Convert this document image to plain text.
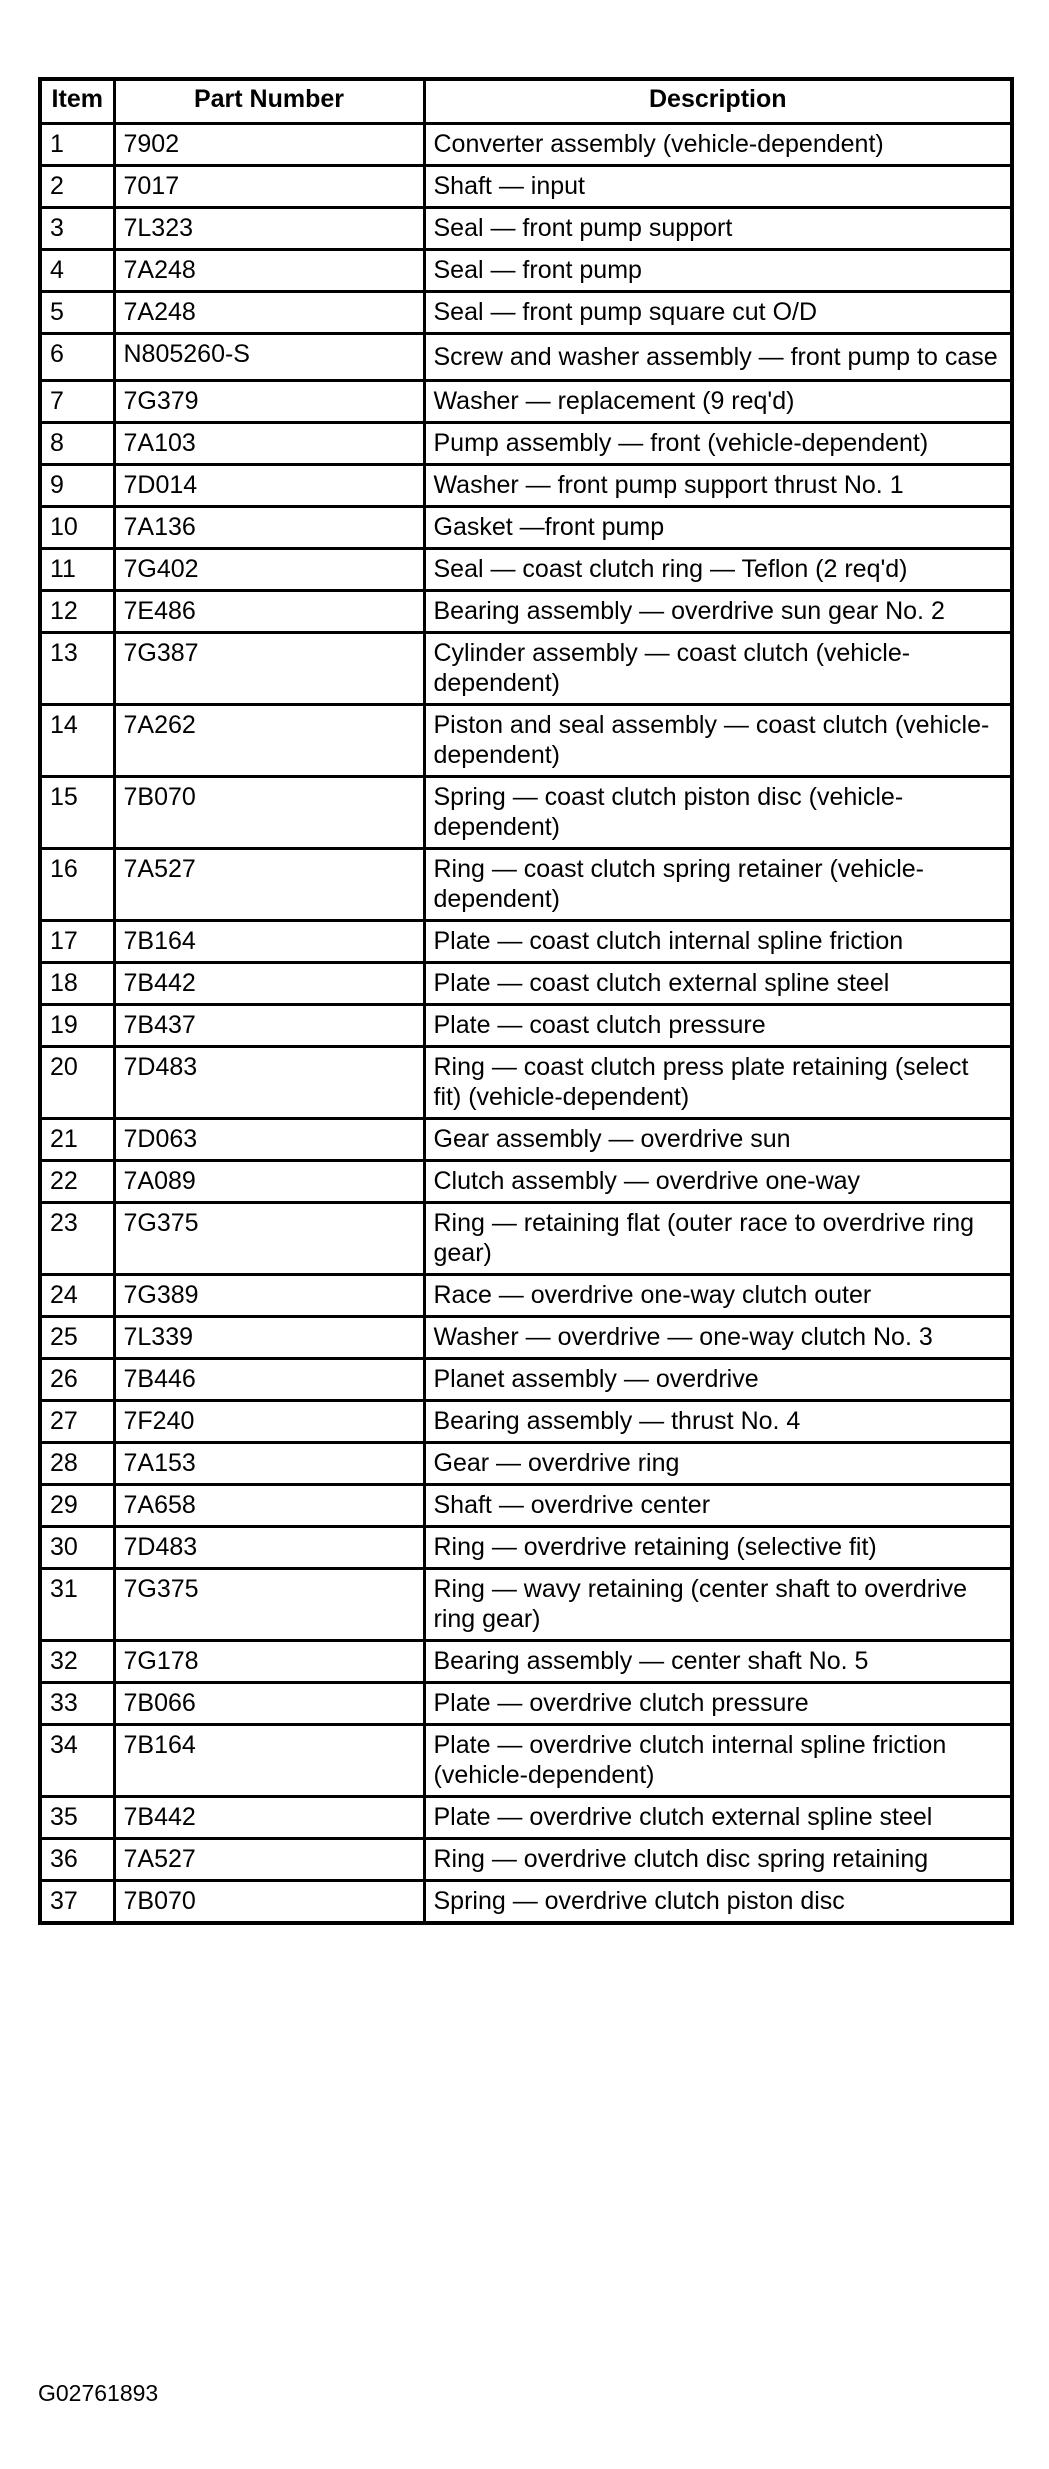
Item	Part Number	Description
1	7902	Converter assembly (vehicle-dependent)
2	7017	Shaft — input
3	7L323	Seal — front pump support
4	7A248	Seal — front pump
5	7A248	Seal — front pump square cut O/D
6	N805260-S	Screw and washer assembly — front pump to case
7	7G379	Washer — replacement (9 req'd)
8	7A103	Pump assembly — front (vehicle-dependent)
9	7D014	Washer — front pump support thrust No. 1
10	7A136	Gasket —front pump
11	7G402	Seal — coast clutch ring — Teflon (2 req'd)
12	7E486	Bearing assembly — overdrive sun gear No. 2
13	7G387	Cylinder assembly — coast clutch (vehicle-dependent)
14	7A262	Piston and seal assembly — coast clutch (vehicle-dependent)
15	7B070	Spring — coast clutch piston disc (vehicle-dependent)
16	7A527	Ring — coast clutch spring retainer (vehicle-dependent)
17	7B164	Plate — coast clutch internal spline friction
18	7B442	Plate — coast clutch external spline steel
19	7B437	Plate — coast clutch pressure
20	7D483	Ring — coast clutch press plate retaining (select fit) (vehicle-dependent)
21	7D063	Gear assembly — overdrive sun
22	7A089	Clutch assembly — overdrive one-way
23	7G375	Ring — retaining flat (outer race to overdrive ring gear)
24	7G389	Race — overdrive one-way clutch outer
25	7L339	Washer — overdrive — one-way clutch No. 3
26	7B446	Planet assembly — overdrive
27	7F240	Bearing assembly — thrust No. 4
28	7A153	Gear — overdrive ring
29	7A658	Shaft — overdrive center
30	7D483	Ring — overdrive retaining (selective fit)
31	7G375	Ring — wavy retaining (center shaft to overdrive ring gear)
32	7G178	Bearing assembly — center shaft No. 5
33	7B066	Plate — overdrive clutch pressure
34	7B164	Plate — overdrive clutch internal spline friction (vehicle-dependent)
35	7B442	Plate — overdrive clutch external spline steel
36	7A527	Ring — overdrive clutch disc spring retaining
37	7B070	Spring — overdrive clutch piston disc
G02761893
